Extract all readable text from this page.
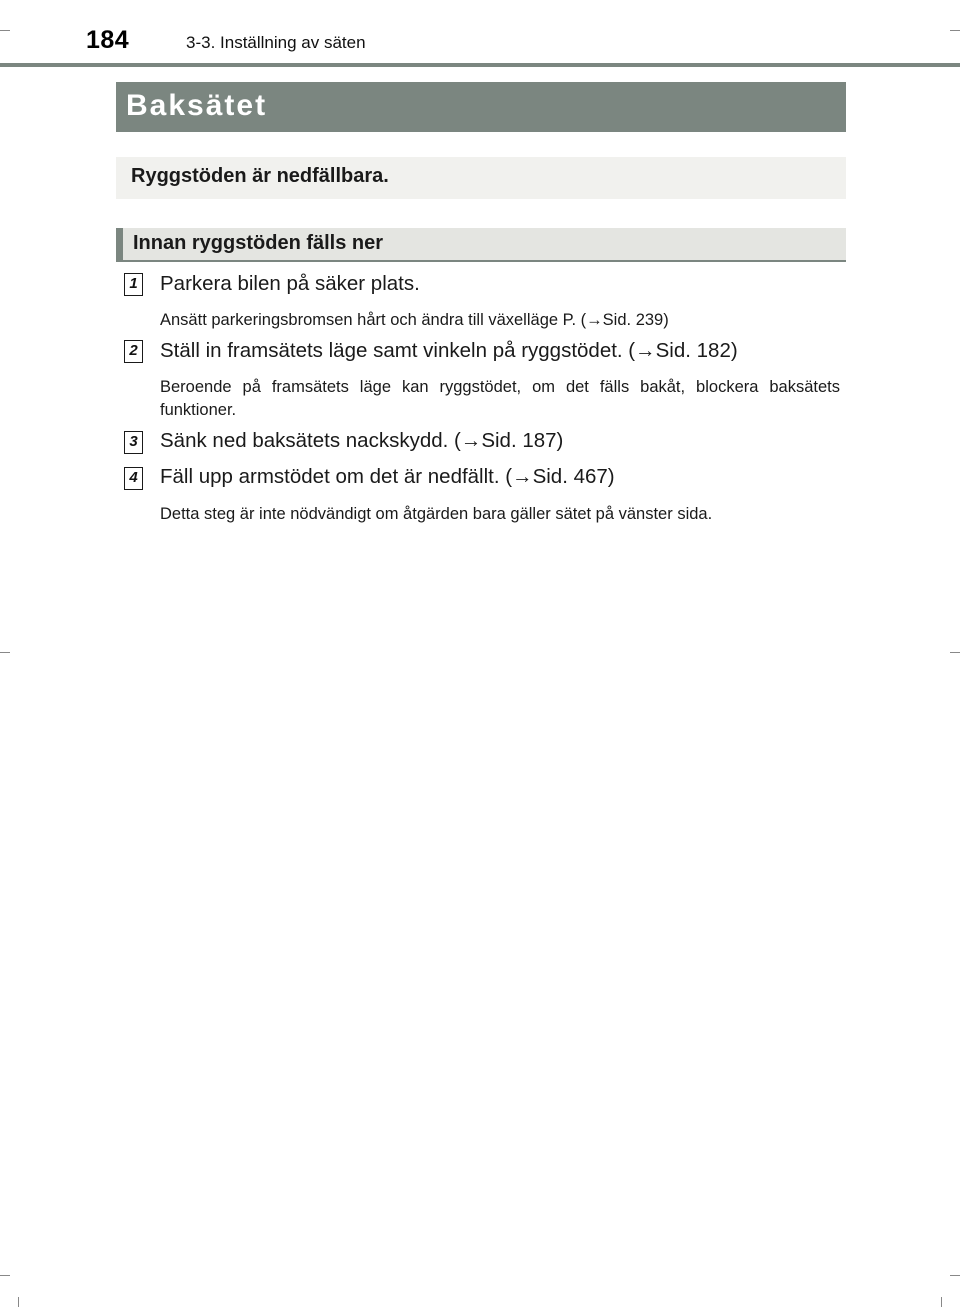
184	3-3. Inställning av säten
Baksätet
Ryggstöden är nedfällbara.
Innan ryggstöden fälls ner
1 Parkera bilen på säker plats.
Ansätt parkeringsbromsen hårt och ändra till växelläge P. (→Sid. 239)
2 Ställ in framsätets läge samt vinkeln på ryggstödet. (→Sid. 182)
Beroende på framsätets läge kan ryggstödet, om det fälls bakåt, blockera baksätets funktioner.
3 Sänk ned baksätets nackskydd. (→Sid. 187)
4 Fäll upp armstödet om det är nedfällt. (→Sid. 467)
Detta steg är inte nödvändigt om åtgärden bara gäller sätet på vänster sida.
